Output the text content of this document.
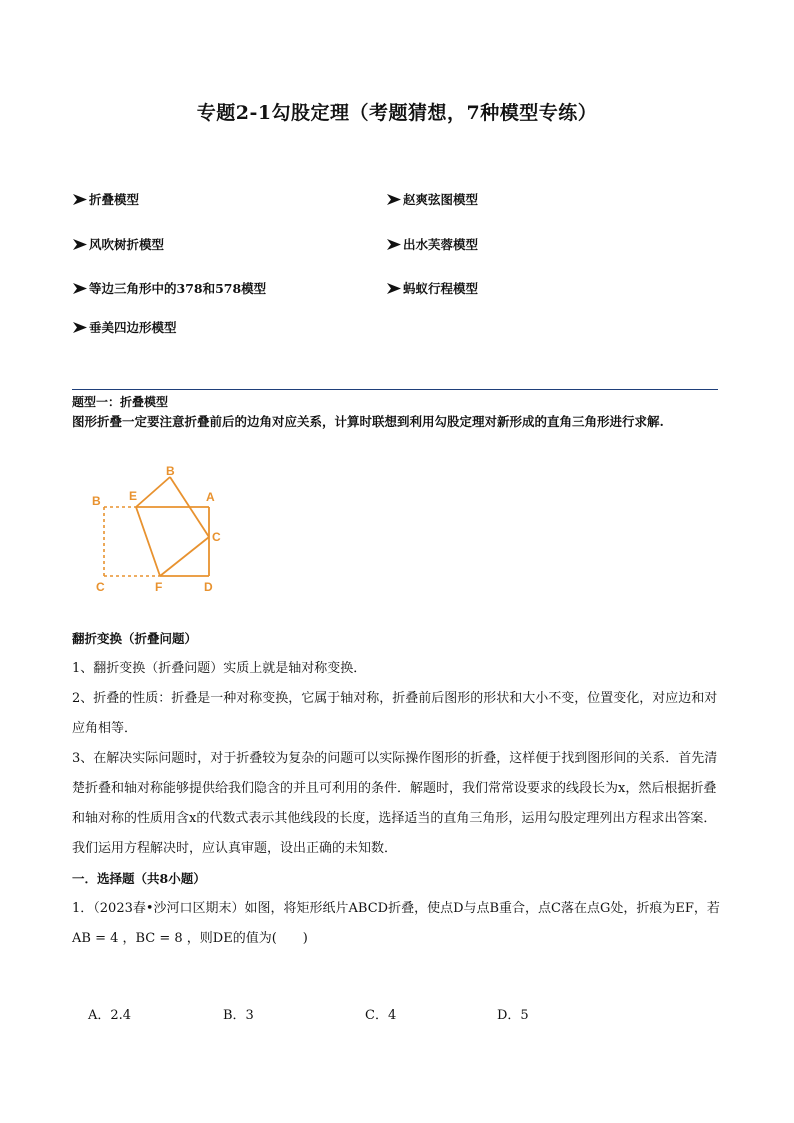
专题2-1勾股定理（考题猜想，7种模型专练）
折叠模型	赵爽弦图模型
风吹树折模型	出水芙蓉模型
等边三角形中的378和578模型	蚂蚁行程模型
垂美四边形模型
题型一：折叠模型
图形折叠一定要注意折叠前后的边角对应关系，计算时联想到利用勾股定理对新形成的直角三角形进行求解.
B E
B
A
C
C	F	D
翻折变换（折叠问题）

1、翻折变换（折叠问题）实质上就是轴对称变换．

2、折叠的性质：折叠是一种对称变换，它属于轴对称，折叠前后图形的形状和大小不变，位置变化，对应边和对应角相等．

3、在解决实际问题时，对于折叠较为复杂的问题可以实际操作图形的折叠，这样便于找到图形间的关系．首先清楚折叠和轴对称能够提供给我们隐含的并且可利用的条件．解题时，我们常常设要求的线段长为x，然后根据折叠和轴对称的性质用含x的代数式表示其他线段的长度，选择适当的直角三角形，运用勾股定理列出方程求出答案．我们运用方程解决时，应认真审题，设出正确的未知数．

一．选择题（共8小题）

1．（2023春•沙河口区期末）如图，将矩形纸片ABCD折叠，使点D与点B重合，点C落在点G处，折痕为EF，若AB = 4 ，BC = 8 ，则DE的值为(　　)

A．2.4	B．3	C．4	D．5
